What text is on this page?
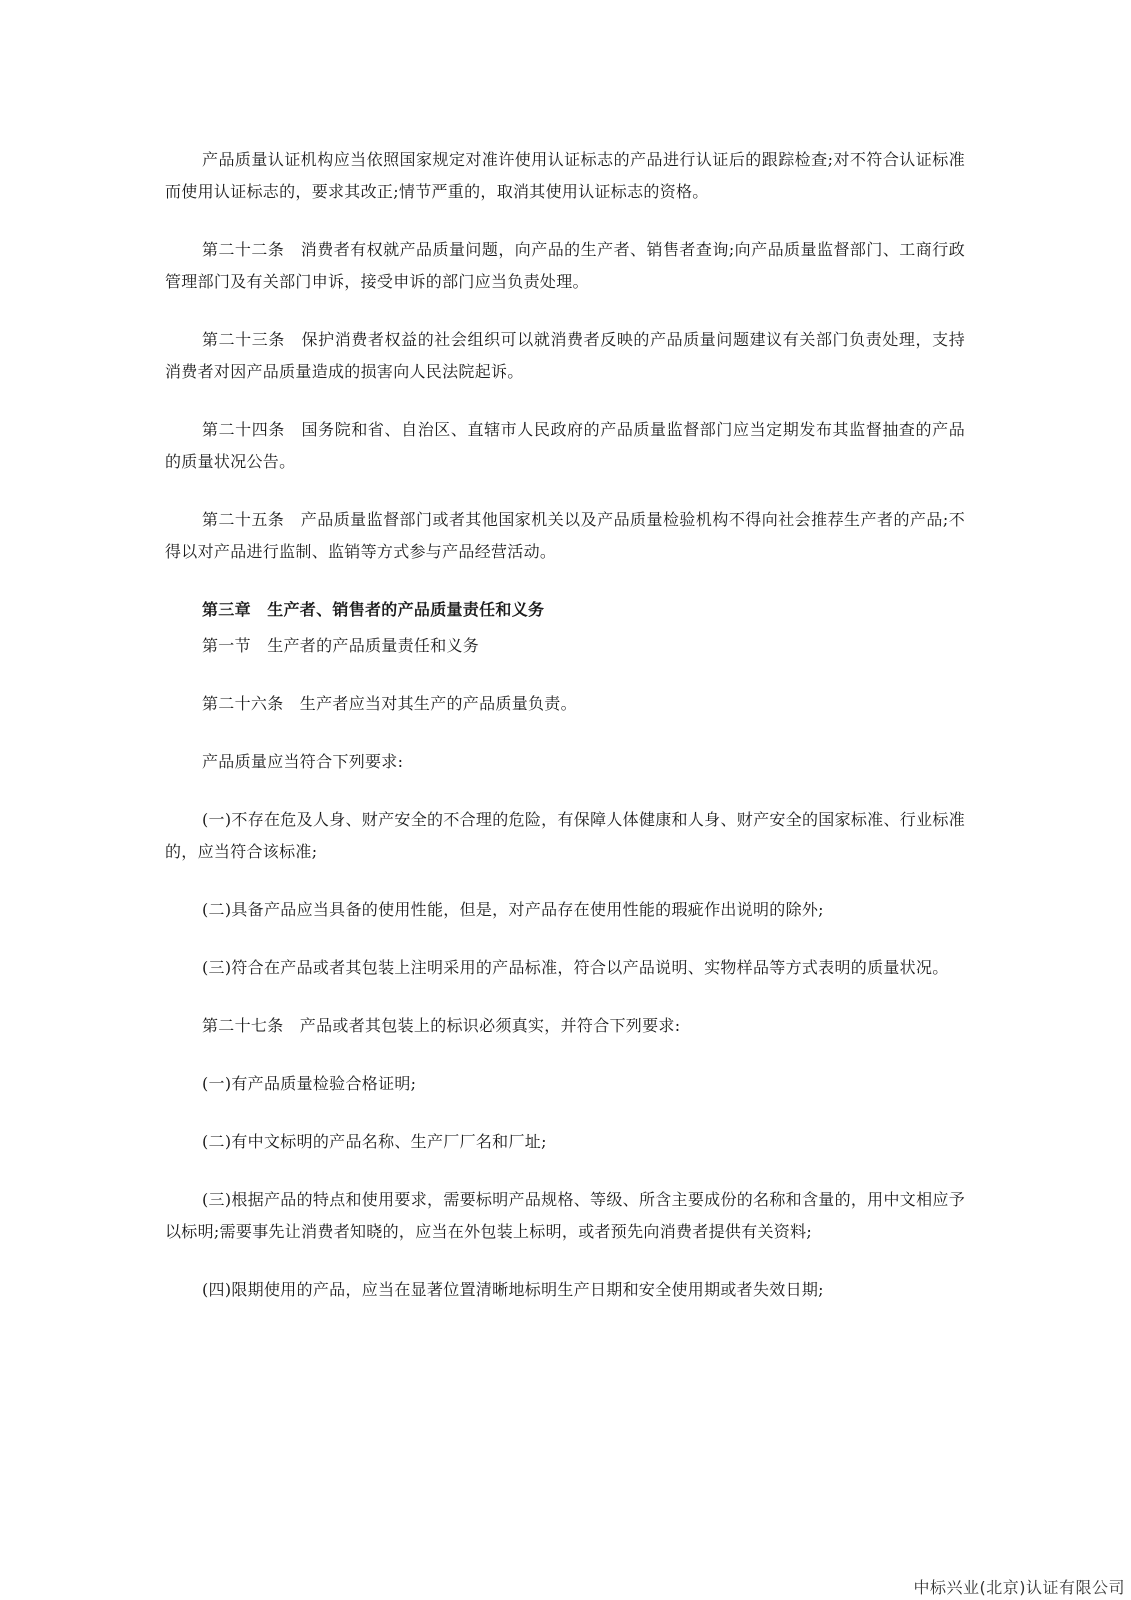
产品质量认证机构应当依照国家规定对准许使用认证标志的产品进行认证后的跟踪检查;对不符合认证标准而使用认证标志的，要求其改正;情节严重的，取消其使用认证标志的资格。

第二十二条　消费者有权就产品质量问题，向产品的生产者、销售者查询;向产品质量监督部门、工商行政管理部门及有关部门申诉，接受申诉的部门应当负责处理。

第二十三条　保护消费者权益的社会组织可以就消费者反映的产品质量问题建议有关部门负责处理，支持消费者对因产品质量造成的损害向人民法院起诉。

第二十四条　国务院和省、自治区、直辖市人民政府的产品质量监督部门应当定期发布其监督抽查的产品的质量状况公告。

第二十五条　产品质量监督部门或者其他国家机关以及产品质量检验机构不得向社会推荐生产者的产品;不得以对产品进行监制、监销等方式参与产品经营活动。

第三章　生产者、销售者的产品质量责任和义务

第一节　生产者的产品质量责任和义务

第二十六条　生产者应当对其生产的产品质量负责。

产品质量应当符合下列要求:

(一)不存在危及人身、财产安全的不合理的危险，有保障人体健康和人身、财产安全的国家标准、行业标准的，应当符合该标准;

(二)具备产品应当具备的使用性能，但是，对产品存在使用性能的瑕疵作出说明的除外;

(三)符合在产品或者其包装上注明采用的产品标准，符合以产品说明、实物样品等方式表明的质量状况。

第二十七条　产品或者其包装上的标识必须真实，并符合下列要求:

(一)有产品质量检验合格证明;

(二)有中文标明的产品名称、生产厂厂名和厂址;

(三)根据产品的特点和使用要求，需要标明产品规格、等级、所含主要成份的名称和含量的，用中文相应予以标明;需要事先让消费者知晓的，应当在外包装上标明，或者预先向消费者提供有关资料;

(四)限期使用的产品，应当在显著位置清晰地标明生产日期和安全使用期或者失效日期;

中标兴业(北京)认证有限公司
